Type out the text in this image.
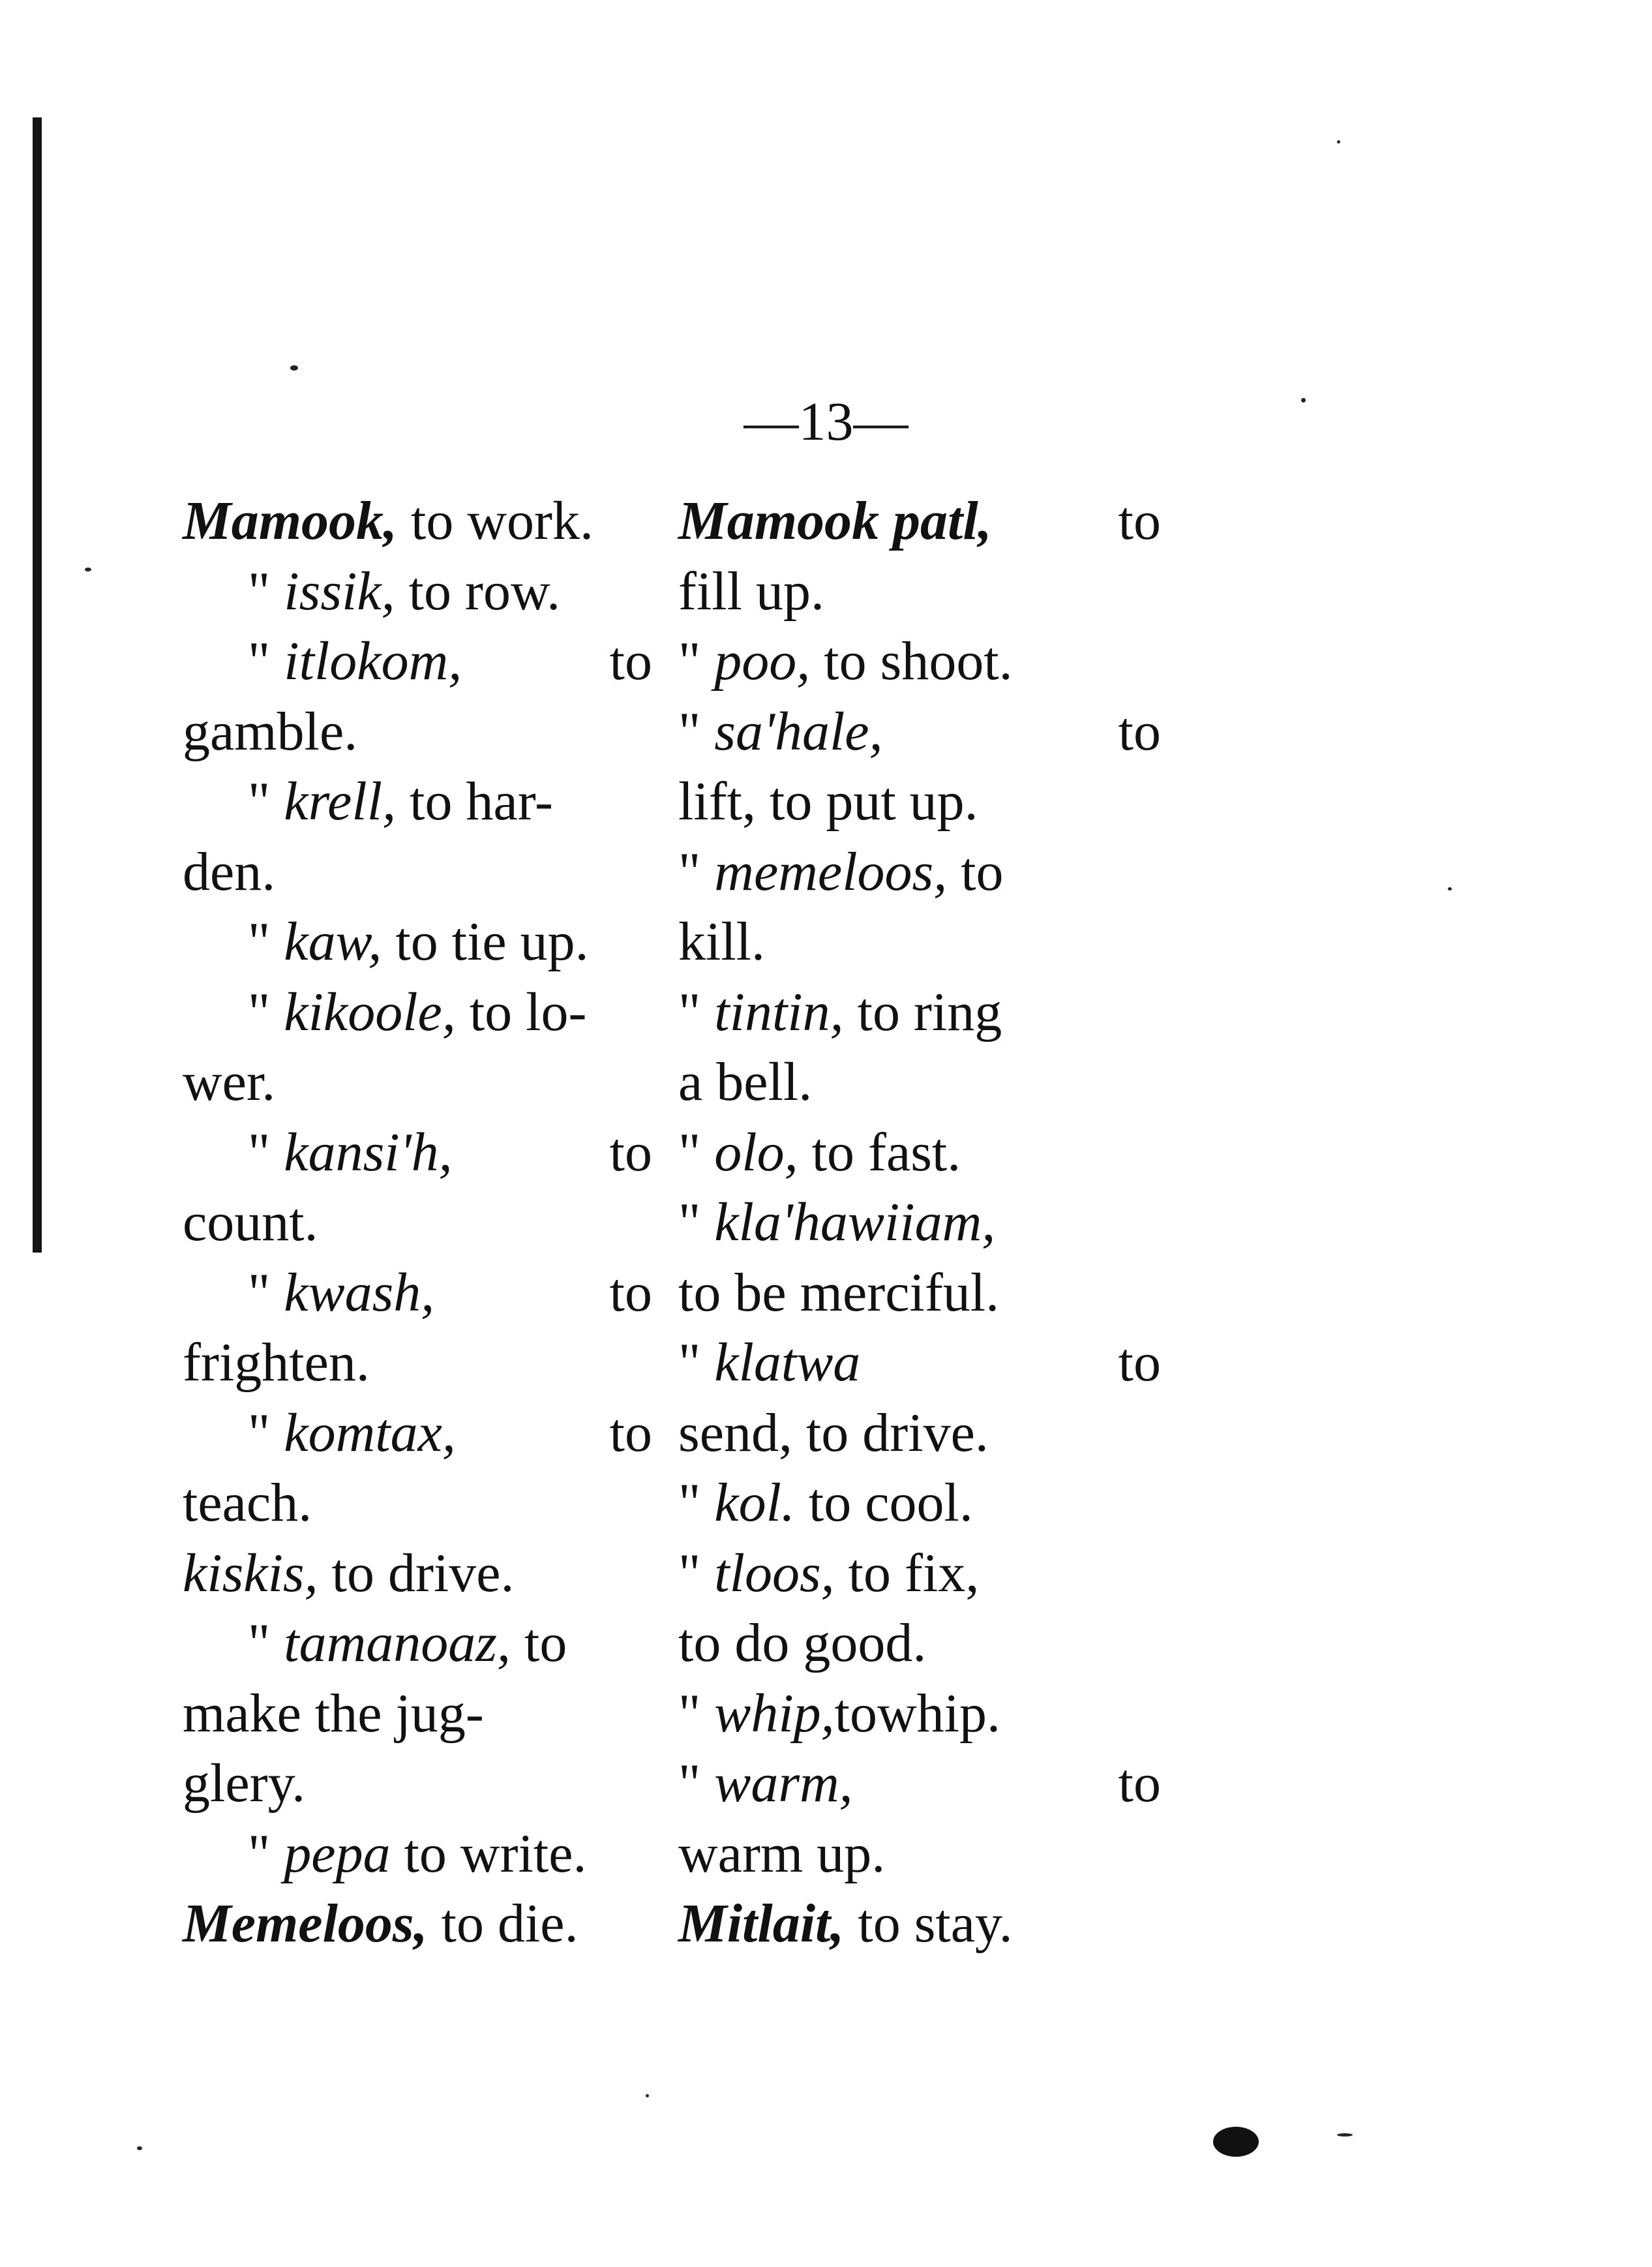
—13—
Mamook, to work.
" issik, to row.
" itlokom,	to
gamble.
" krell, to har-
den.
" kaw, to tie up.
" kikoole, to lo-
wer.
" kansi'h,	to
count.
" kwash,	to
frighten.
" komtax,	to
teach.
kiskis, to drive.
" tamanoaz, to
make the jug-
glery.
" pepa to write.
Memeloos, to die.
Mamook patl, to
fill up.
" poo, to shoot.
" sa'hale,	to
lift, to put up.
" memeloos, to
kill.
" tintin, to ring
a bell.
" olo, to fast.
" kla'hawiiam,
to be merciful.
" klatwa	to
send, to drive.
" kol. to cool.
" tloos, to fix,
to do good.
" whip,towhip.
" warm,	to
warm up.
Mitlait, to stay.
